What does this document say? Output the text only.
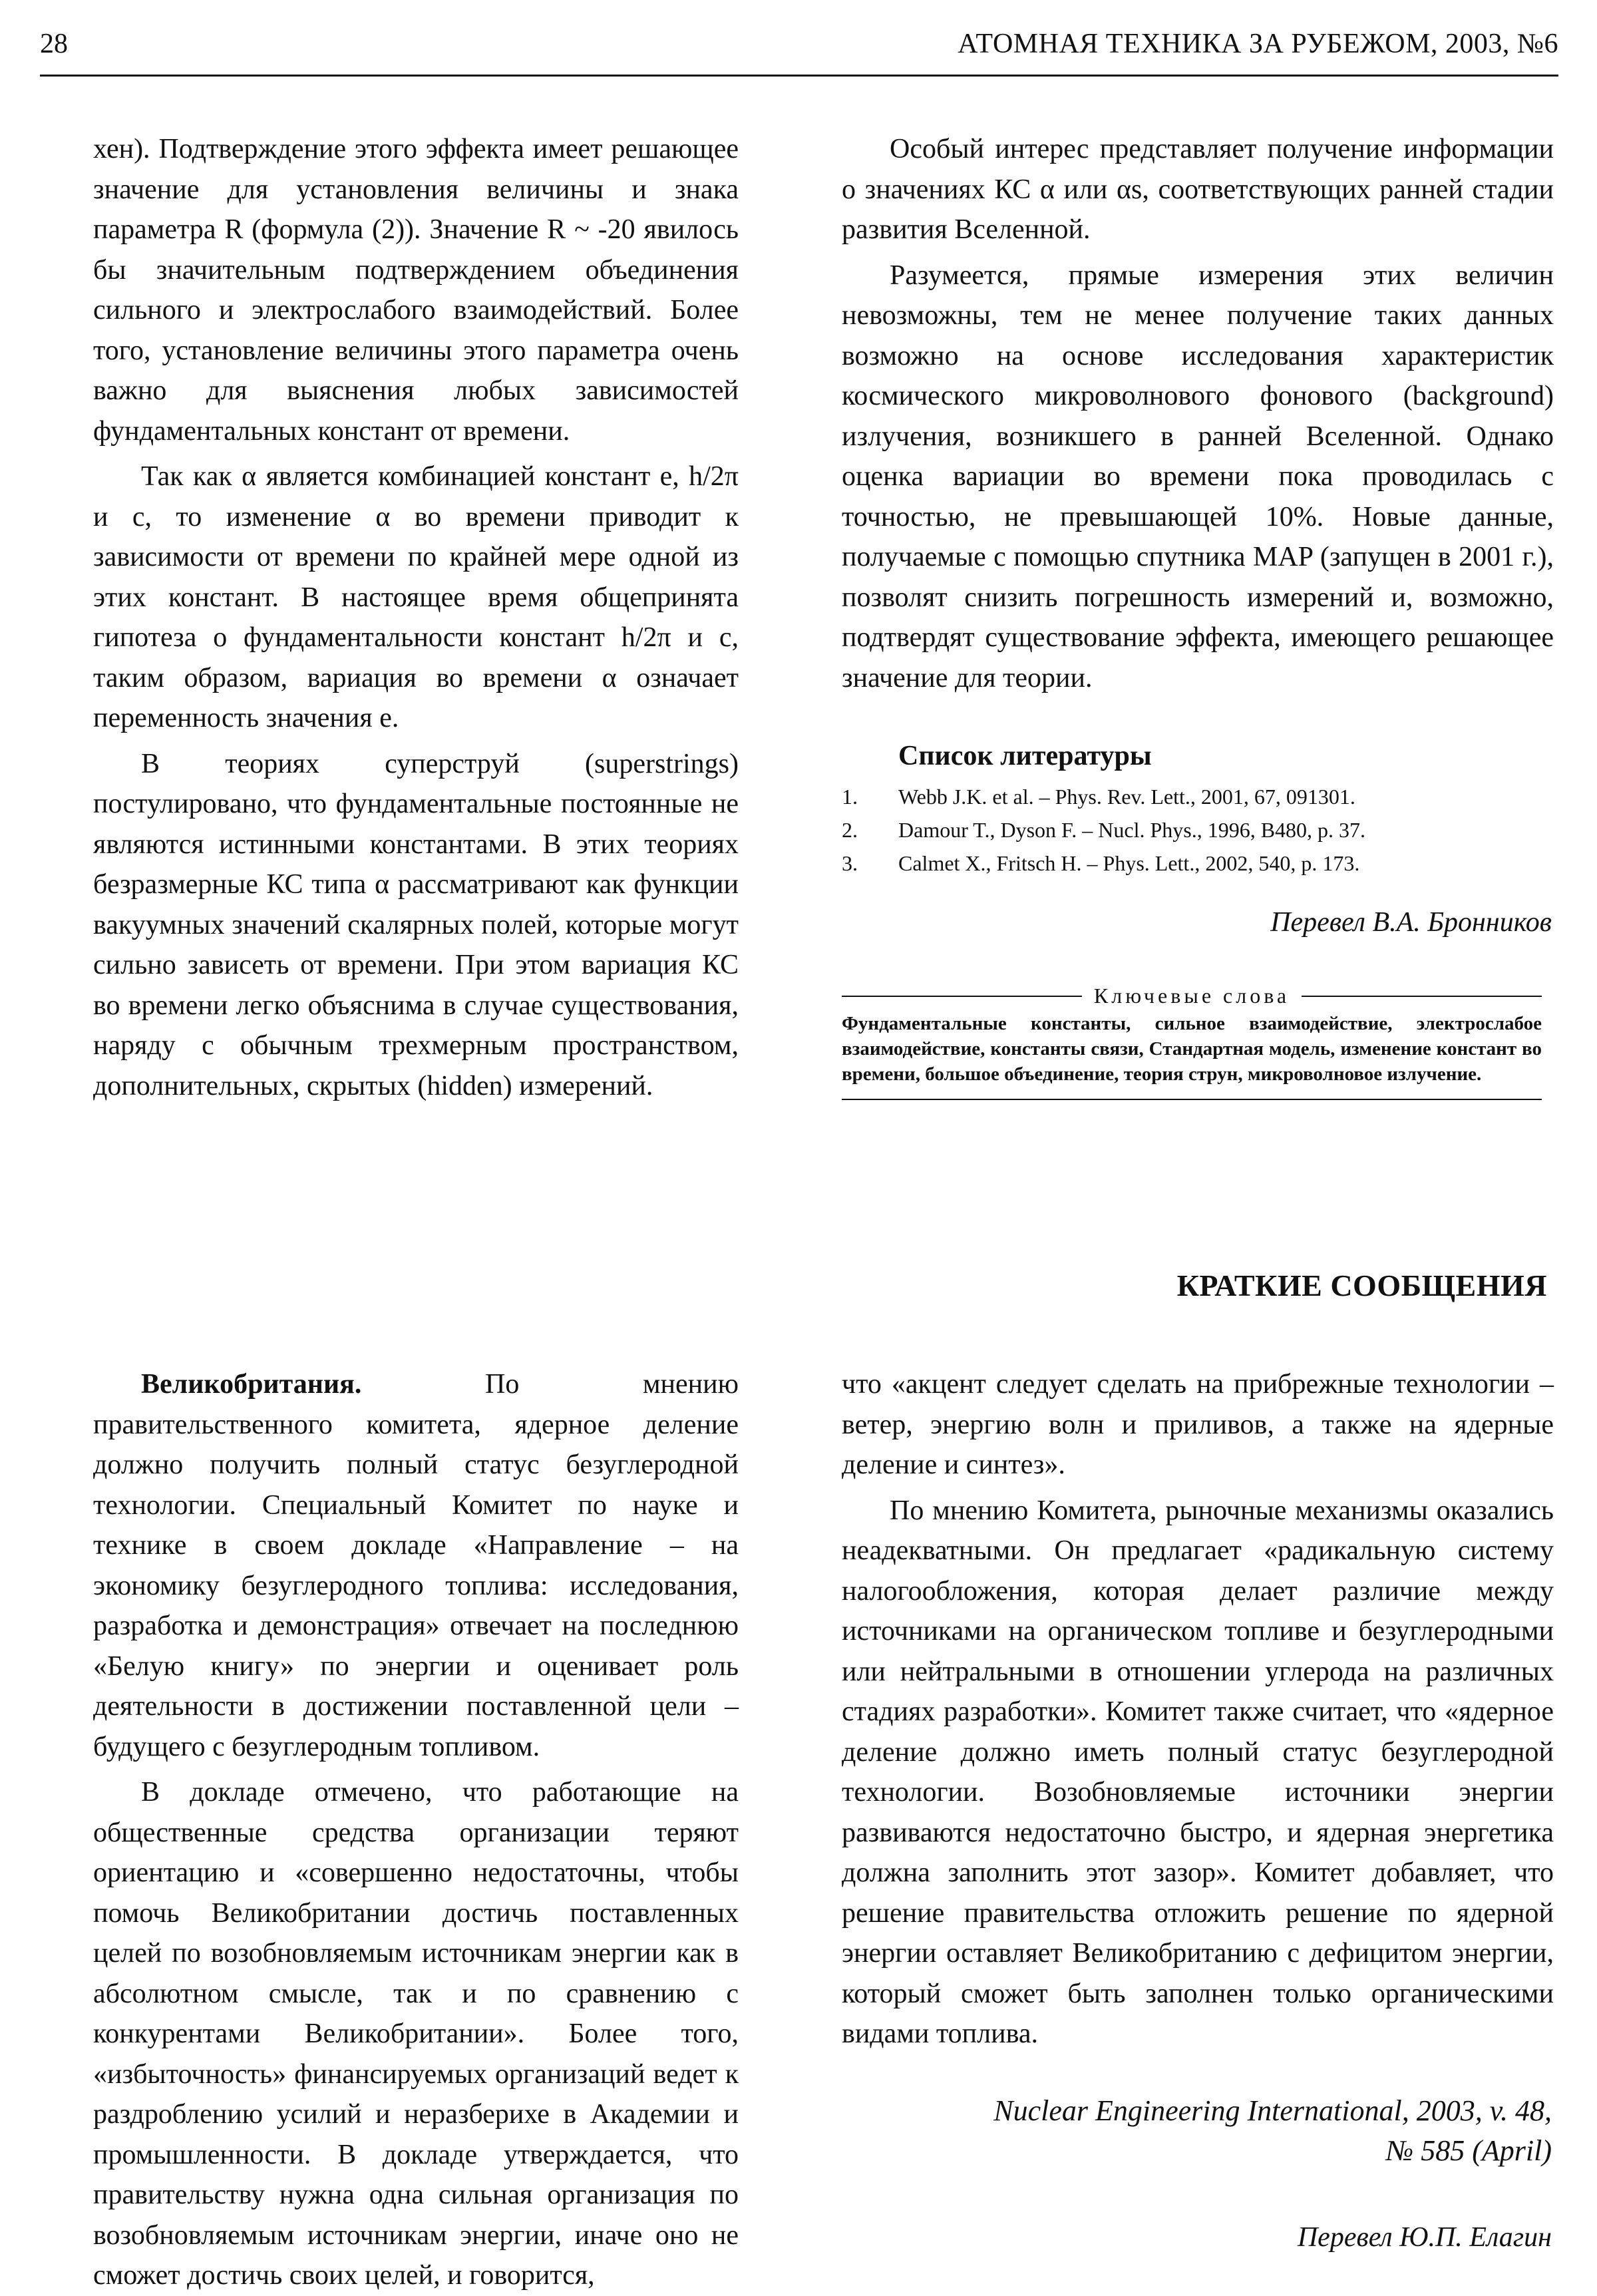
28	АТОМНАЯ ТЕХНИКА ЗА РУБЕЖОМ, 2003, №6

хен). Подтверждение этого эффекта имеет решающее значение для установления величины и знака параметра R (формула (2)). Значение R ~ -20 явилось бы значительным подтверждением объединения сильного и электрослабого взаимодействий. Более того, установление величины этого параметра очень важно для выяснения любых зависимостей фундаментальных констант от времени.

Так как α является комбинацией констант e, h/2π и c, то изменение α во времени приводит к зависимости от времени по крайней мере одной из этих констант. В настоящее время общепринята гипотеза о фундаментальности констант h/2π и c, таким образом, вариация во времени α означает переменность значения e.

В теориях суперструй (superstrings) постулировано, что фундаментальные постоянные не являются истинными константами. В этих теориях безразмерные КС типа α рассматривают как функции вакуумных значений скалярных полей, которые могут сильно зависеть от времени. При этом вариация КС во времени легко объяснима в случае существования, наряду с обычным трехмерным пространством, дополнительных, скрытых (hidden) измерений.

Особый интерес представляет получение информации о значениях КС α или αs, соответствующих ранней стадии развития Вселенной.

Разумеется, прямые измерения этих величин невозможны, тем не менее получение таких данных возможно на основе исследования характеристик космического микроволнового фонового (background) излучения, возникшего в ранней Вселенной. Однако оценка вариации во времени пока проводилась с точностью, не превышающей 10%. Новые данные, получаемые с помощью спутника MAP (запущен в 2001 г.), позволят снизить погрешность измерений и, возможно, подтвердят существование эффекта, имеющего решающее значение для теории.

Список литературы
1.	Webb J.K. et al. – Phys. Rev. Lett., 2001, 67, 091301.
2.	Damour T., Dyson F. – Nucl. Phys., 1996, B480, p. 37.
3.	Calmet X., Fritsch H. – Phys. Lett., 2002, 540, p. 173.
Перевел В.А. Бронников
Ключевые слова
Фундаментальные константы, сильное взаимодействие, электрослабое взаимодействие, константы связи, Стандартная модель, изменение констант во времени, большое объединение, теория струн, микроволновое излучение.
КРАТКИЕ СООБЩЕНИЯ

Великобритания. По мнению правительственного комитета, ядерное деление должно получить полный статус безуглеродной технологии. Специальный Комитет по науке и технике в своем докладе «Направление – на экономику безуглеродного топлива: исследования, разработка и демонстрация» отвечает на последнюю «Белую книгу» по энергии и оценивает роль деятельности в достижении поставленной цели – будущего с безуглеродным топливом.

В докладе отмечено, что работающие на общественные средства организации теряют ориентацию и «совершенно недостаточны, чтобы помочь Великобритании достичь поставленных целей по возобновляемым источникам энергии как в абсолютном смысле, так и по сравнению с конкурентами Великобритании». Более того, «избыточность» финансируемых организаций ведет к раздроблению усилий и неразберихе в Академии и промышленности. В докладе утверждается, что правительству нужна одна сильная организация по возобновляемым источникам энергии, иначе оно не сможет достичь своих целей, и говорится,

что «акцент следует сделать на прибрежные технологии – ветер, энергию волн и приливов, а также на ядерные деление и синтез».

По мнению Комитета, рыночные механизмы оказались неадекватными. Он предлагает «радикальную систему налогообложения, которая делает различие между источниками на органическом топливе и безуглеродными или нейтральными в отношении углерода на различных стадиях разработки». Комитет также считает, что «ядерное деление должно иметь полный статус безуглеродной технологии. Возобновляемые источники энергии развиваются недостаточно быстро, и ядерная энергетика должна заполнить этот зазор». Комитет добавляет, что решение правительства отложить решение по ядерной энергии оставляет Великобританию с дефицитом энергии, который сможет быть заполнен только органическими видами топлива.

Nuclear Engineering International, 2003, v. 48,
№ 585 (April)
Перевел Ю.П. Елагин
